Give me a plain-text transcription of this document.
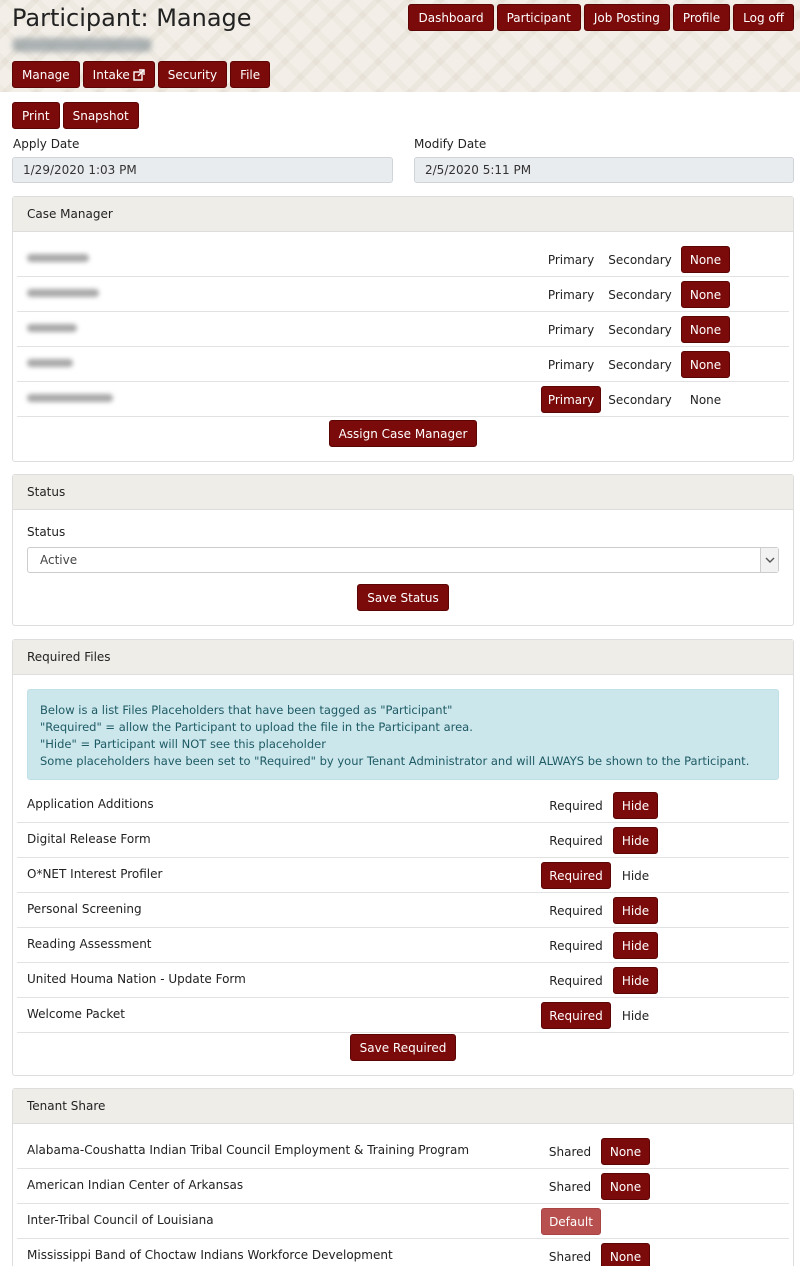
Participant: Manage	Dashboard	Participant	Job Posting	Profile	Log off
Manage	Intake	Security	File
Print	Snapshot
Apply Date
1/29/2020 1:03 PM
Modify Date
2/5/2020 5:11 PM
Case Manager
Primary	Secondary	None
Primary	Secondary	None
Primary	Secondary	None
Primary	Secondary	None
Primary	Secondary	None
Assign Case Manager
Status
Status
Active
Save Status
Required Files
Below is a list Files Placeholders that have been tagged as "Participant"
"Required" = allow the Participant to upload the file in the Participant area.
"Hide" = Participant will NOT see this placeholder
Some placeholders have been set to "Required" by your Tenant Administrator and will ALWAYS be shown to the Participant.
Application Additions	Required	Hide
Digital Release Form	Required	Hide
O*NET Interest Profiler	Required	Hide
Personal Screening	Required	Hide
Reading Assessment	Required	Hide
United Houma Nation - Update Form	Required	Hide
Welcome Packet	Required	Hide
Save Required
Tenant Share
Alabama-Coushatta Indian Tribal Council Employment & Training Program	Shared	None
American Indian Center of Arkansas	Shared	None
Inter-Tribal Council of Louisiana	Default
Mississippi Band of Choctaw Indians Workforce Development	Shared	None
